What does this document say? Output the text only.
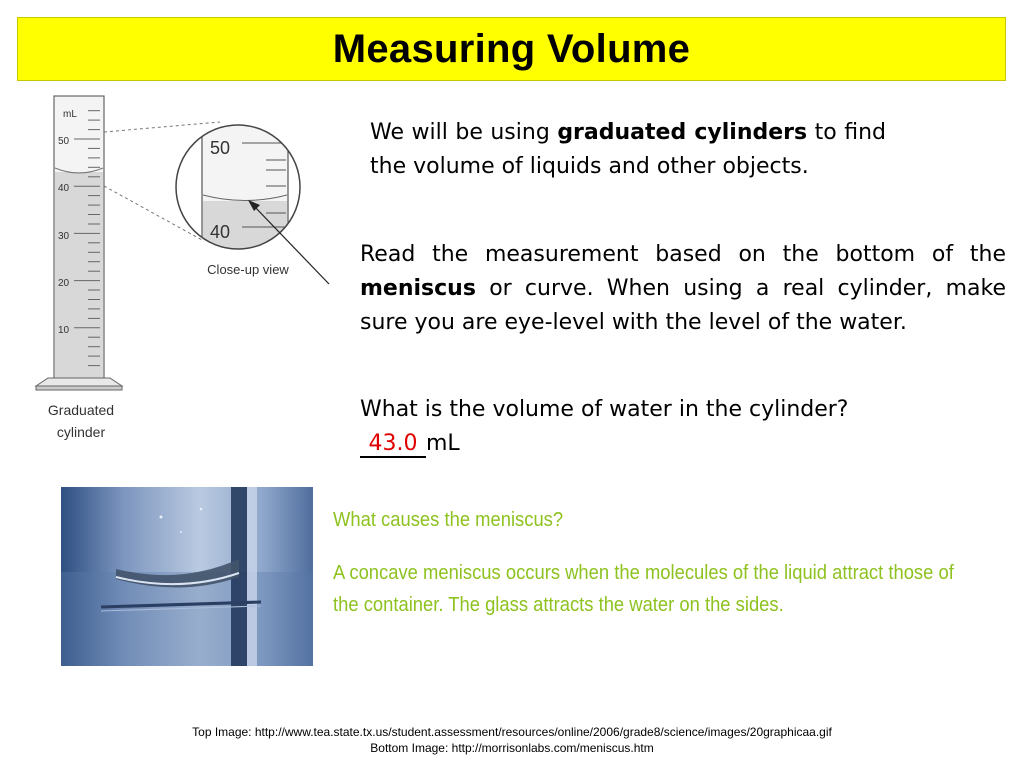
Measuring Volume
mL
50
40
30
20
10
Graduated
cylinder
50
40
Close-up view
We will be using graduated cylinders to find the volume of liquids and other objects.
Read the measurement based on the bottom of the meniscus or curve. When using a real cylinder, make sure you are eye-level with the level of the water.
What is the volume of water in the cylinder?
43.0 mL
What causes the meniscus?
A concave meniscus occurs when the molecules of the liquid attract those of the container. The glass attracts the water on the sides.
Top Image: http://www.tea.state.tx.us/student.assessment/resources/online/2006/grade8/science/images/20graphicaa.gif
Bottom Image: http://morrisonlabs.com/meniscus.htm
